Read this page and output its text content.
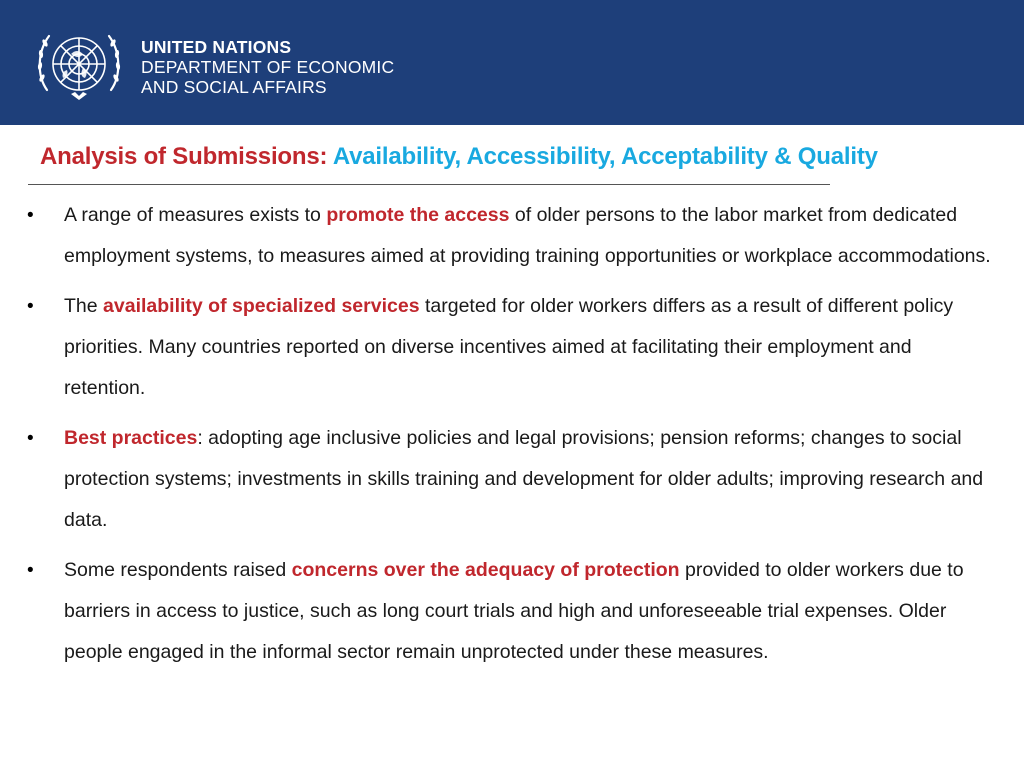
UNITED NATIONS
DEPARTMENT OF ECONOMIC
AND SOCIAL AFFAIRS
Analysis of Submissions: Availability, Accessibility, Acceptability & Quality
• A range of measures exists to promote the access of older persons to the labor market from dedicated employment systems, to measures aimed at providing training opportunities or workplace accommodations.
• The availability of specialized services targeted for older workers differs as a result of different policy priorities. Many countries reported on diverse incentives aimed at facilitating their employment and retention.
• Best practices: adopting age inclusive policies and legal provisions; pension reforms; changes to social protection systems; investments in skills training and development for older adults; improving research and data.
• Some respondents raised concerns over the adequacy of protection provided to older workers due to barriers in access to justice, such as long court trials and high and unforeseeable trial expenses. Older people engaged in the informal sector remain unprotected under these measures.
